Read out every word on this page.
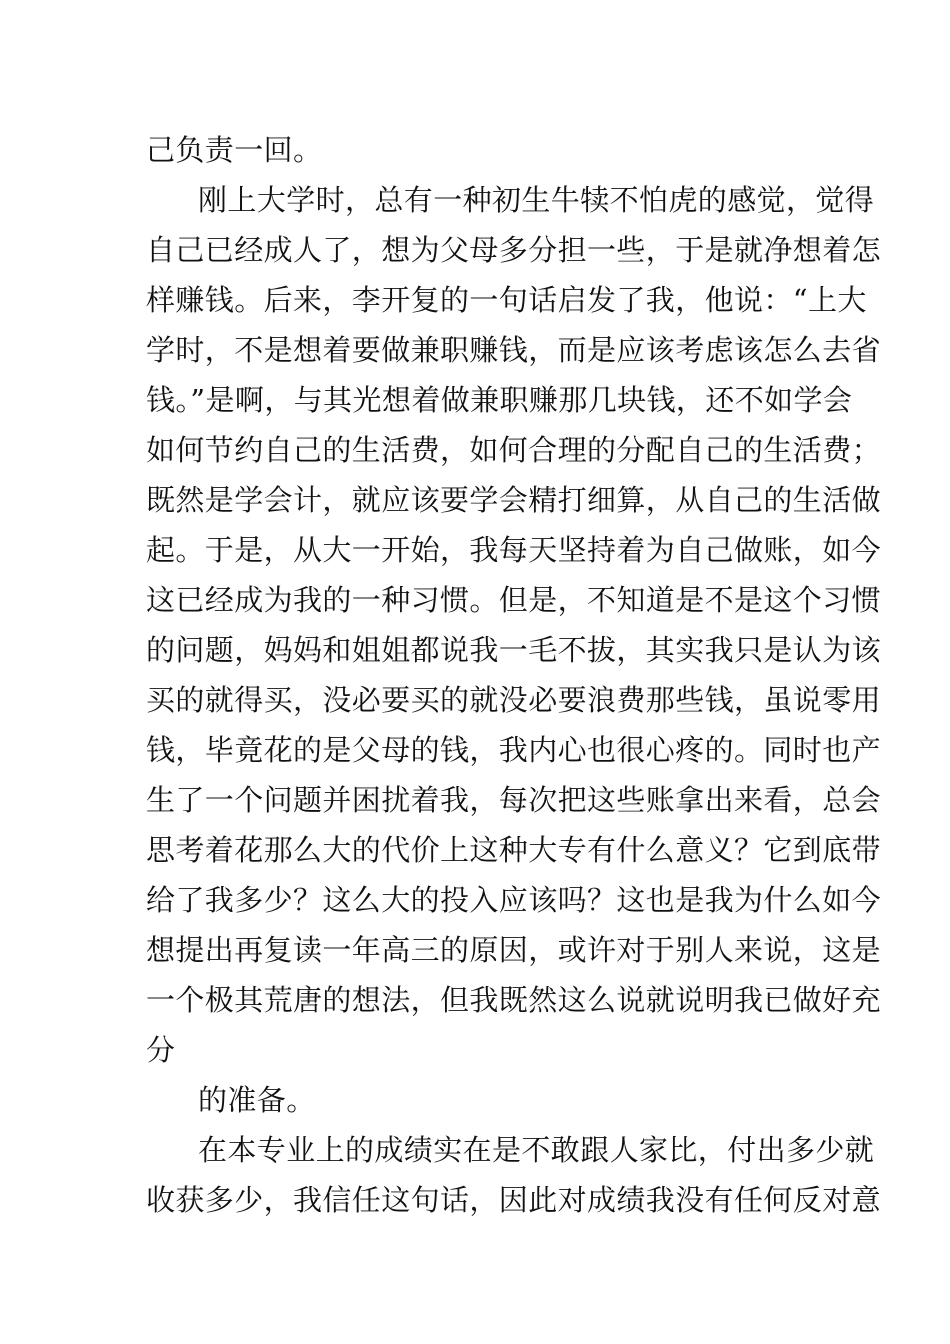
己负责一回。
刚上大学时，总有一种初生牛犊不怕虎的感觉，觉得
自己已经成人了，想为父母多分担一些，于是就净想着怎
样赚钱。后来，李开复的一句话启发了我，他说：“上大
学时，不是想着要做兼职赚钱，而是应该考虑该怎么去省
钱。”是啊，与其光想着做兼职赚那几块钱，还不如学会
如何节约自己的生活费，如何合理的分配自己的生活费；
既然是学会计，就应该要学会精打细算，从自己的生活做
起。于是，从大一开始，我每天坚持着为自己做账，如今
这已经成为我的一种习惯。但是，不知道是不是这个习惯
的问题，妈妈和姐姐都说我一毛不拔，其实我只是认为该
买的就得买，没必要买的就没必要浪费那些钱，虽说零用
钱，毕竟花的是父母的钱，我内心也很心疼的。同时也产
生了一个问题并困扰着我，每次把这些账拿出来看，总会
思考着花那么大的代价上这种大专有什么意义？它到底带
给了我多少？这么大的投入应该吗？这也是我为什么如今
想提出再复读一年高三的原因，或许对于别人来说，这是
一个极其荒唐的想法，但我既然这么说就说明我已做好充
分
的准备。
在本专业上的成绩实在是不敢跟人家比，付出多少就
收获多少，我信任这句话，因此对成绩我没有任何反对意
